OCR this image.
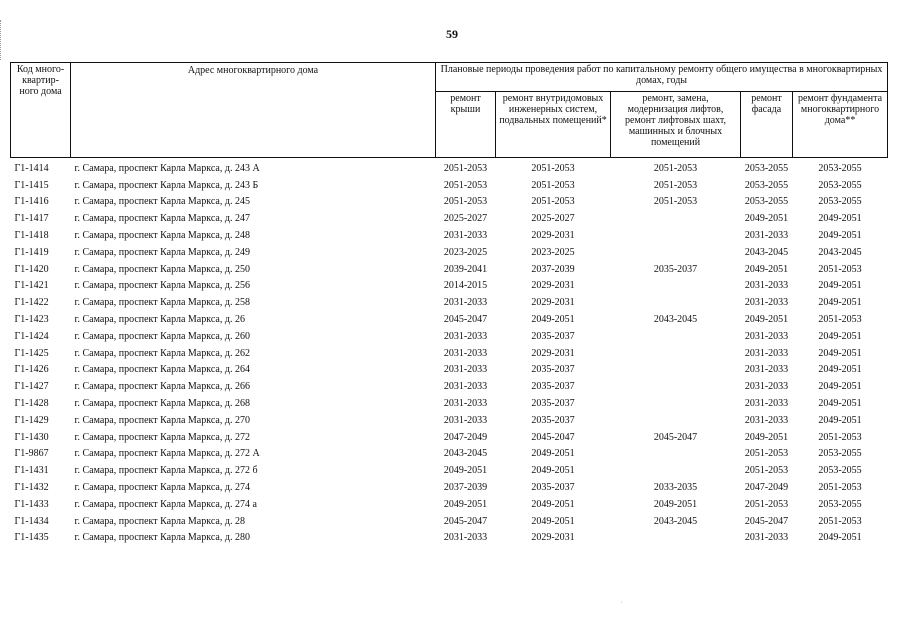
59
Код много-квартир-ного дома	Адрес многоквартирного дома	Плановые периоды проведения работ по капитальному ремонту общего имущества в многоквартирных домах, годы				
		ремонт крыши	ремонт внутридомовых инженерных систем, подвальных помещений*	ремонт, замена, модернизация лифтов, ремонт лифтовых шахт, машинных и блочных помещений	ремонт фасада	ремонт фундамента многоквартирного дома**
Г1-1414	г. Самара, проспект Карла Маркса, д. 243 А	2051-2053	2051-2053	2051-2053	2053-2055	2053-2055
Г1-1415	г. Самара, проспект Карла Маркса, д. 243 Б	2051-2053	2051-2053	2051-2053	2053-2055	2053-2055
Г1-1416	г. Самара, проспект Карла Маркса, д. 245	2051-2053	2051-2053	2051-2053	2053-2055	2053-2055
Г1-1417	г. Самара, проспект Карла Маркса, д. 247	2025-2027	2025-2027		2049-2051	2049-2051
Г1-1418	г. Самара, проспект Карла Маркса, д. 248	2031-2033	2029-2031		2031-2033	2049-2051
Г1-1419	г. Самара, проспект Карла Маркса, д. 249	2023-2025	2023-2025		2043-2045	2043-2045
Г1-1420	г. Самара, проспект Карла Маркса, д. 250	2039-2041	2037-2039	2035-2037	2049-2051	2051-2053
Г1-1421	г. Самара, проспект Карла Маркса, д. 256	2014-2015	2029-2031		2031-2033	2049-2051
Г1-1422	г. Самара, проспект Карла Маркса, д. 258	2031-2033	2029-2031		2031-2033	2049-2051
Г1-1423	г. Самара, проспект Карла Маркса, д. 26	2045-2047	2049-2051	2043-2045	2049-2051	2051-2053
Г1-1424	г. Самара, проспект Карла Маркса, д. 260	2031-2033	2035-2037		2031-2033	2049-2051
Г1-1425	г. Самара, проспект Карла Маркса, д. 262	2031-2033	2029-2031		2031-2033	2049-2051
Г1-1426	г. Самара, проспект Карла Маркса, д. 264	2031-2033	2035-2037		2031-2033	2049-2051
Г1-1427	г. Самара, проспект Карла Маркса, д. 266	2031-2033	2035-2037		2031-2033	2049-2051
Г1-1428	г. Самара, проспект Карла Маркса, д. 268	2031-2033	2035-2037		2031-2033	2049-2051
Г1-1429	г. Самара, проспект Карла Маркса, д. 270	2031-2033	2035-2037		2031-2033	2049-2051
Г1-1430	г. Самара, проспект Карла Маркса, д. 272	2047-2049	2045-2047	2045-2047	2049-2051	2051-2053
Г1-9867	г. Самара, проспект Карла Маркса, д. 272 А	2043-2045	2049-2051		2051-2053	2053-2055
Г1-1431	г. Самара, проспект Карла Маркса, д. 272 б	2049-2051	2049-2051		2051-2053	2053-2055
Г1-1432	г. Самара, проспект Карла Маркса, д. 274	2037-2039	2035-2037	2033-2035	2047-2049	2051-2053
Г1-1433	г. Самара, проспект Карла Маркса, д. 274 а	2049-2051	2049-2051	2049-2051	2051-2053	2053-2055
Г1-1434	г. Самара, проспект Карла Маркса, д. 28	2045-2047	2049-2051	2043-2045	2045-2047	2051-2053
Г1-1435	г. Самара, проспект Карла Маркса, д. 280	2031-2033	2029-2031		2031-2033	2049-2051
·
